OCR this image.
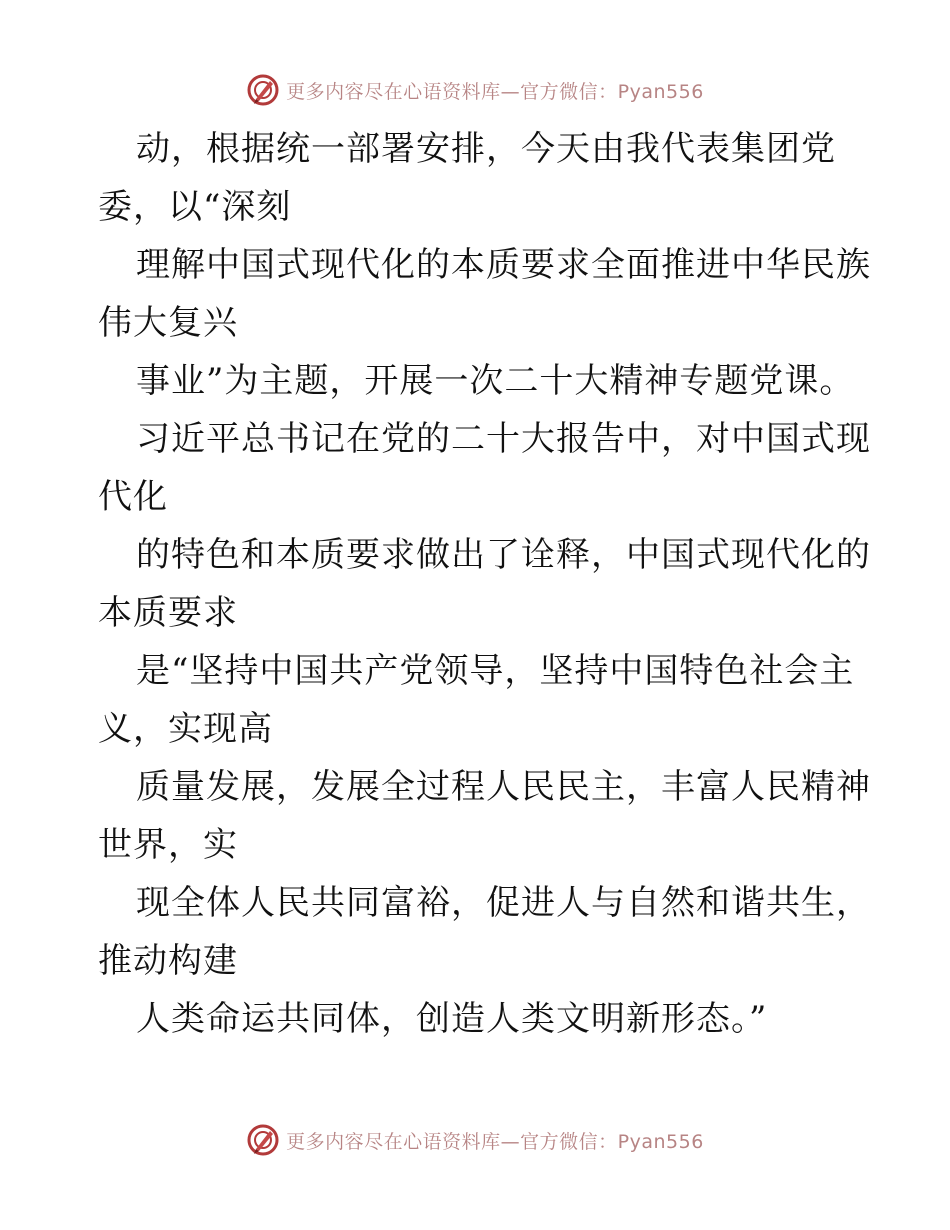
更多内容尽在心语资料库—官方微信：Pyan556
动，根据统一部署安排，今天由我代表集团党
委，以“深刻
理解中国式现代化的本质要求全面推进中华民族
伟大复兴
事业”为主题，开展一次二十大精神专题党课。
习近平总书记在党的二十大报告中，对中国式现
代化
的特色和本质要求做出了诠释，中国式现代化的
本质要求
是“坚持中国共产党领导，坚持中国特色社会主
义，实现高
质量发展，发展全过程人民民主，丰富人民精神
世界，实
现全体人民共同富裕，促进人与自然和谐共生，
推动构建
人类命运共同体，创造人类文明新形态。”
更多内容尽在心语资料库—官方微信：Pyan556
